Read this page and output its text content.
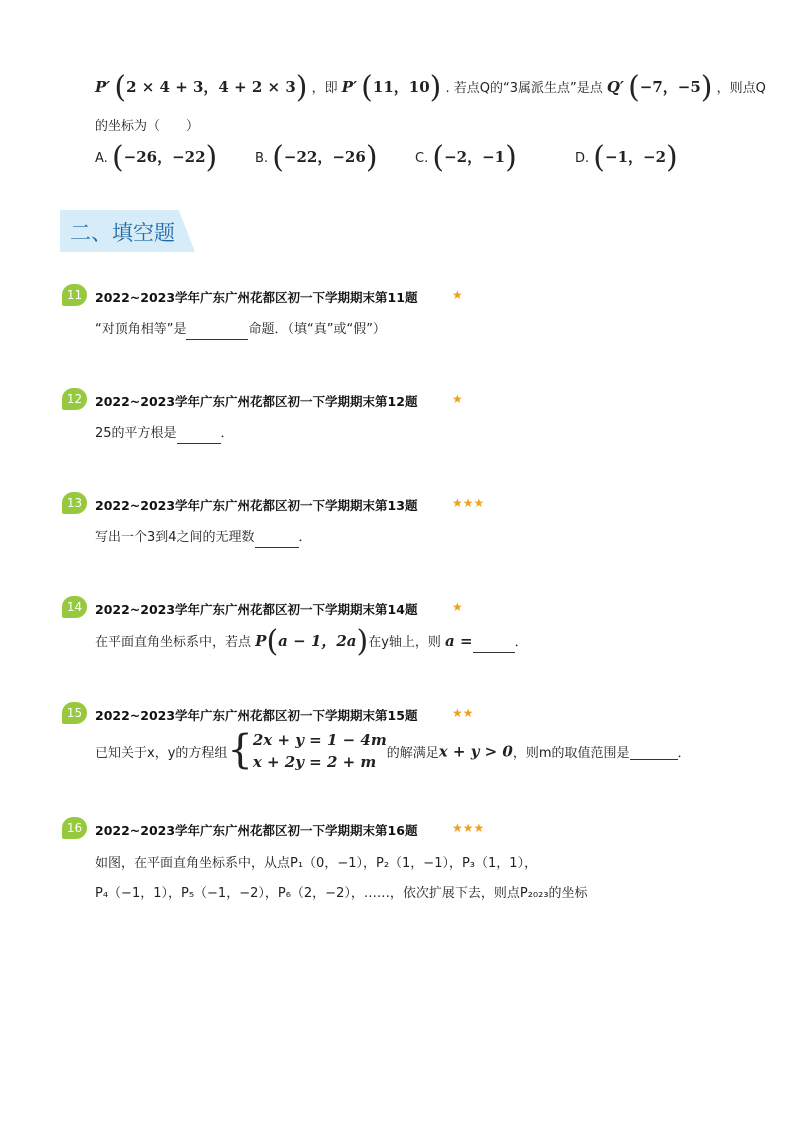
P′ (2 × 4 + 3，4 + 2 × 3) ，即 P′ (11，10) . 若点Q的“3属派生点”是点 Q′ (−7，−5) ，则点Q
的坐标为（　　）
A. (−26，−22)	B. (−22，−26)	C. (−2，−1)	D. (−1，−2)
二、填空题
11	2022~2023学年广东广州花都区初一下学期期末第11题	★
“对顶角相等”是	命题．（填“真”或“假”）
12	2022~2023学年广东广州花都区初一下学期期末第12题	★
25的平方根是	．
13	2022~2023学年广东广州花都区初一下学期期末第13题	★★★
写出一个3到4之间的无理数	．
14	2022~2023学年广东广州花都区初一下学期期末第14题	★
在平面直角坐标系中，若点 P(a − 1，2a)在y轴上，则 a =	．
15	2022~2023学年广东广州花都区初一下学期期末第15题	★★
已知关于x，y的方程组{2x + y = 1 − 4m
x + 2y = 2 + m 的解满足x + y > 0，则m的取值范围是	．
16	2022~2023学年广东广州花都区初一下学期期末第16题	★★★
如图，在平面直角坐标系中，从点P₁（0，−1），P₂（1，−1），P₃（1，1），
P₄（−1，1），P₅（−1，−2），P₆（2，−2），……，依次扩展下去，则点P₂₀₂₃的坐标
